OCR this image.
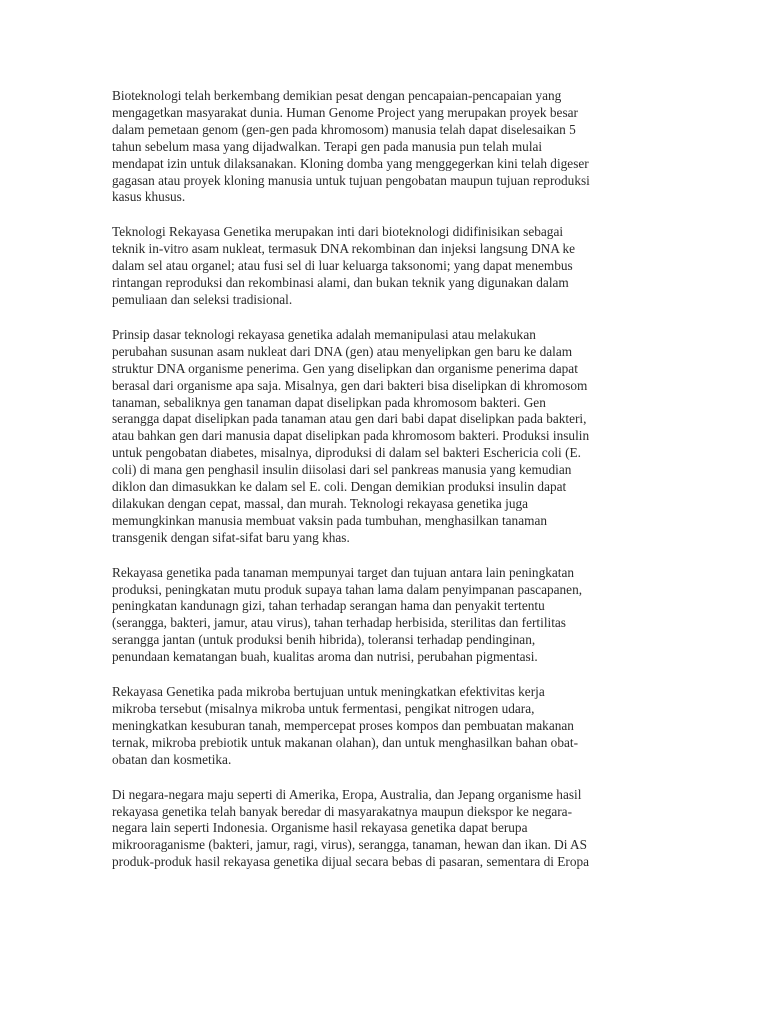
Bioteknologi telah berkembang demikian pesat dengan pencapaian-pencapaian yang
mengagetkan masyarakat dunia. Human Genome Project yang merupakan proyek besar
dalam pemetaan genom (gen-gen pada khromosom) manusia telah dapat diselesaikan 5
tahun sebelum masa yang dijadwalkan. Terapi gen pada manusia pun telah mulai
mendapat izin untuk dilaksanakan. Kloning domba yang menggegerkan kini telah digeser
gagasan atau proyek kloning manusia untuk tujuan pengobatan maupun tujuan reproduksi
kasus khusus.

Teknologi Rekayasa Genetika merupakan inti dari bioteknologi didifinisikan sebagai
teknik in-vitro asam nukleat, termasuk DNA rekombinan dan injeksi langsung DNA ke
dalam sel atau organel; atau fusi sel di luar keluarga taksonomi; yang dapat menembus
rintangan reproduksi dan rekombinasi alami, dan bukan teknik yang digunakan dalam
pemuliaan dan seleksi tradisional.

Prinsip dasar teknologi rekayasa genetika adalah memanipulasi atau melakukan
perubahan susunan asam nukleat dari DNA (gen) atau menyelipkan gen baru ke dalam
struktur DNA organisme penerima. Gen yang diselipkan dan organisme penerima dapat
berasal dari organisme apa saja. Misalnya, gen dari bakteri bisa diselipkan di khromosom
tanaman, sebaliknya gen tanaman dapat diselipkan pada khromosom bakteri. Gen
serangga dapat diselipkan pada tanaman atau gen dari babi dapat diselipkan pada bakteri,
atau bahkan gen dari manusia dapat diselipkan pada khromosom bakteri. Produksi insulin
untuk pengobatan diabetes, misalnya, diproduksi di dalam sel bakteri Eschericia coli (E.
coli) di mana gen penghasil insulin diisolasi dari sel pankreas manusia yang kemudian
diklon dan dimasukkan ke dalam sel E. coli. Dengan demikian produksi insulin dapat
dilakukan dengan cepat, massal, dan murah. Teknologi rekayasa genetika juga
memungkinkan manusia membuat vaksin pada tumbuhan, menghasilkan tanaman
transgenik dengan sifat-sifat baru yang khas.

Rekayasa genetika pada tanaman mempunyai target dan tujuan antara lain peningkatan
produksi, peningkatan mutu produk supaya tahan lama dalam penyimpanan pascapanen,
peningkatan kandunagn gizi, tahan terhadap serangan hama dan penyakit tertentu
(serangga, bakteri, jamur, atau virus), tahan terhadap herbisida, sterilitas dan fertilitas
serangga jantan (untuk produksi benih hibrida), toleransi terhadap pendinginan,
penundaan kematangan buah, kualitas aroma dan nutrisi, perubahan pigmentasi.

Rekayasa Genetika pada mikroba bertujuan untuk meningkatkan efektivitas kerja
mikroba tersebut (misalnya mikroba untuk fermentasi, pengikat nitrogen udara,
meningkatkan kesuburan tanah, mempercepat proses kompos dan pembuatan makanan
ternak, mikroba prebiotik untuk makanan olahan), dan untuk menghasilkan bahan obat-
obatan dan kosmetika.

Di negara-negara maju seperti di Amerika, Eropa, Australia, dan Jepang organisme hasil
rekayasa genetika telah banyak beredar di masyarakatnya maupun diekspor ke negara-
negara lain seperti Indonesia. Organisme hasil rekayasa genetika dapat berupa
mikrooraganisme (bakteri, jamur, ragi, virus), serangga, tanaman, hewan dan ikan. Di AS
produk-produk hasil rekayasa genetika dijual secara bebas di pasaran, sementara di Eropa
